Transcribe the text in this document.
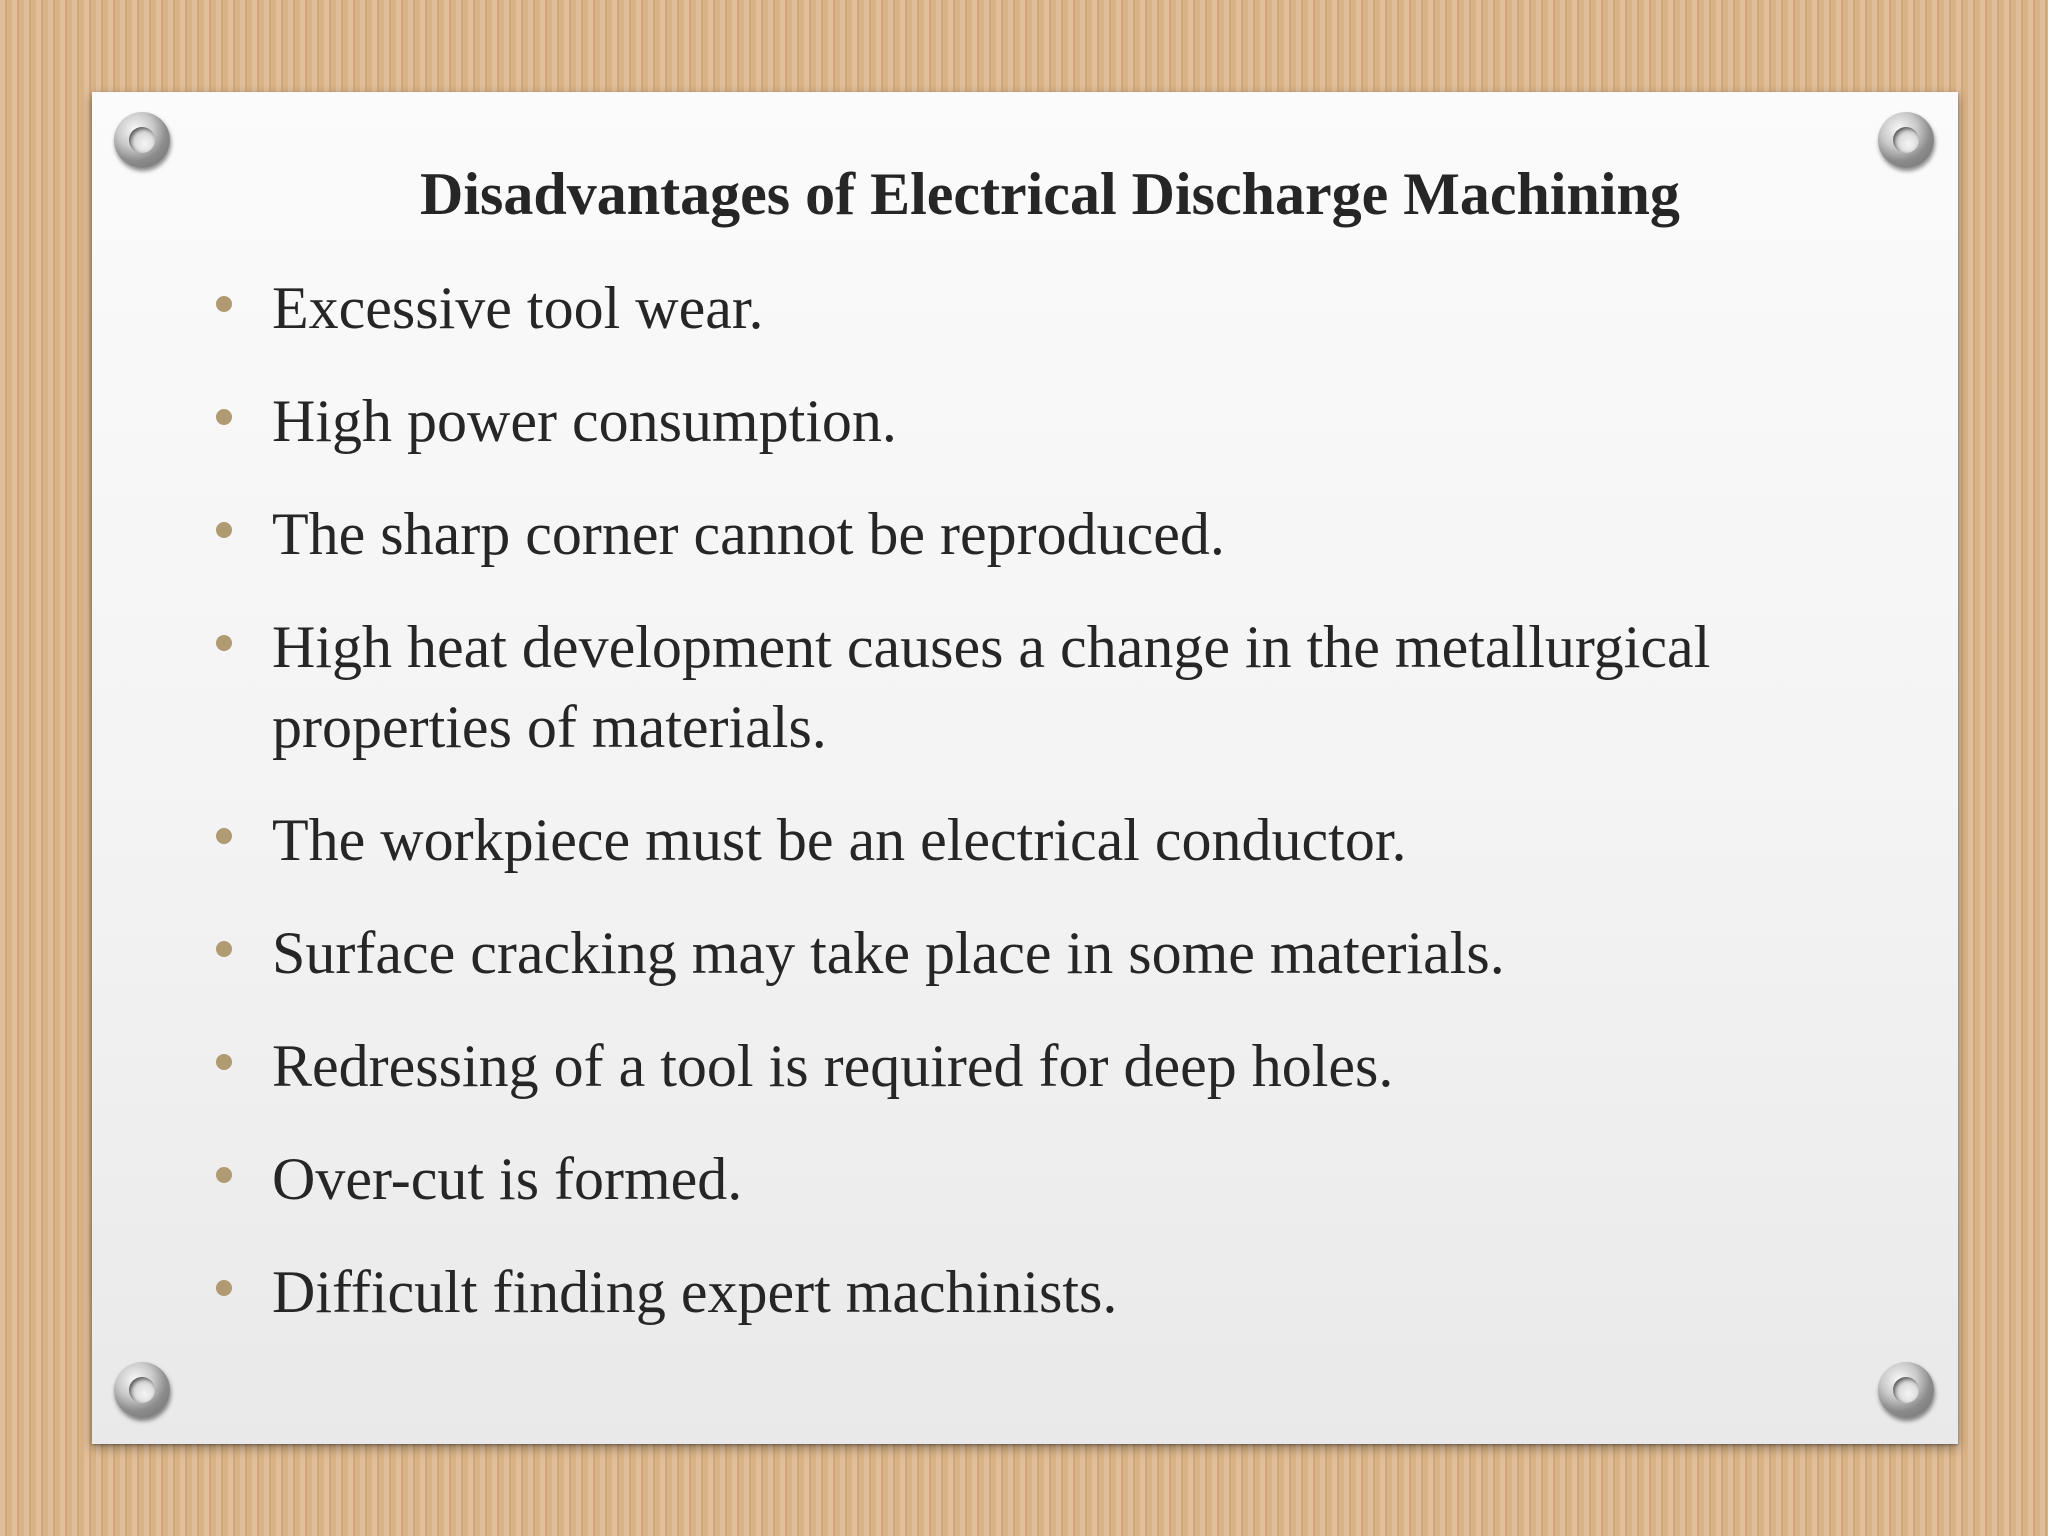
Disadvantages of Electrical Discharge Machining
Excessive tool wear.
High power consumption.
The sharp corner cannot be reproduced.
High heat development causes a change in the metallurgical properties of materials.
The workpiece must be an electrical conductor.
Surface cracking may take place in some materials.
Redressing of a tool is required for deep holes.
Over-cut is formed.
Difficult finding expert machinists.
